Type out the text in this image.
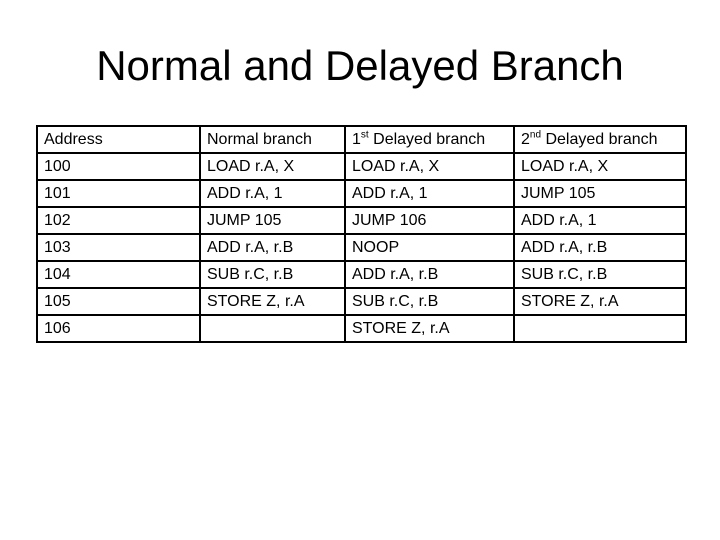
Normal and Delayed Branch
Address	Normal branch	1st Delayed branch	2nd Delayed branch
100	LOAD r.A, X	LOAD r.A, X	LOAD r.A, X
101	ADD r.A, 1	ADD r.A, 1	JUMP 105
102	JUMP 105	JUMP 106	ADD r.A, 1
103	ADD r.A, r.B	NOOP	ADD r.A, r.B
104	SUB r.C, r.B	ADD r.A, r.B	SUB r.C, r.B
105	STORE Z, r.A	SUB r.C, r.B	STORE Z, r.A
106		STORE Z, r.A	
